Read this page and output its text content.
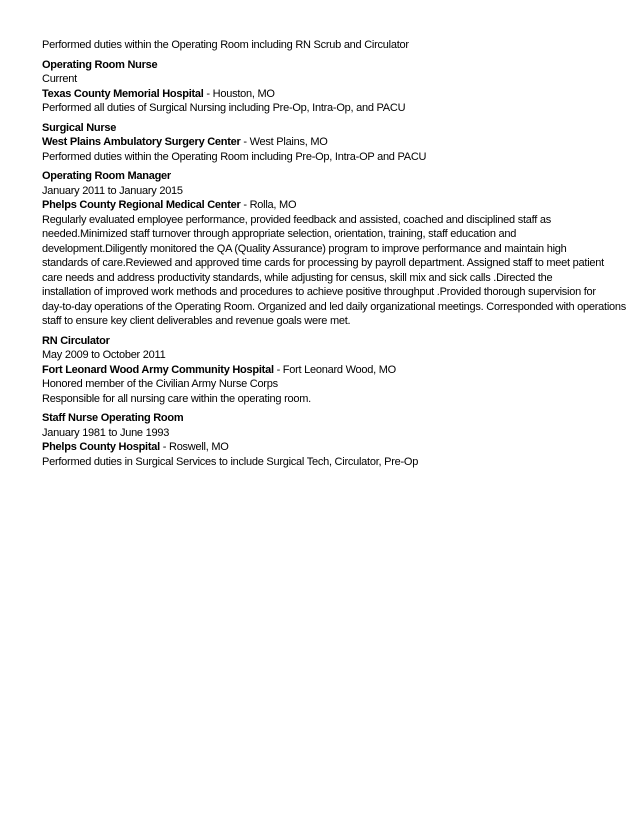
Performed duties within the Operating Room including RN Scrub and Circulator
Operating Room Nurse
Current
Texas County Memorial Hospital - Houston, MO
Performed all duties of Surgical Nursing including Pre-Op, Intra-Op, and PACU
Surgical Nurse
West Plains Ambulatory Surgery Center - West Plains, MO
Performed duties within the Operating Room including Pre-Op, Intra-OP and PACU
Operating Room Manager
January 2011 to January 2015
Phelps County Regional Medical Center - Rolla, MO
Regularly evaluated employee performance, provided feedback and assisted, coached and disciplined staff as
needed.Minimized staff turnover through appropriate selection, orientation, training, staff education and
development.Diligently monitored the QA (Quality Assurance) program to improve performance and maintain high
standards of care.Reviewed and approved time cards for processing by payroll department. Assigned staff to meet patient
care needs and address productivity standards, while adjusting for census, skill mix and sick calls .Directed the
installation of improved work methods and procedures to achieve positive throughput .Provided thorough supervision for
day-to-day operations of the Operating Room. Organized and led daily organizational meetings. Corresponded with operations
staff to ensure key client deliverables and revenue goals were met.
RN Circulator
May 2009 to October 2011
Fort Leonard Wood Army Community Hospital - Fort Leonard Wood, MO
Honored member of the Civilian Army Nurse Corps
Responsible for all nursing care within the operating room.
Staff Nurse Operating Room
January 1981 to June 1993
Phelps County Hospital - Roswell, MO
Performed duties in Surgical Services to include Surgical Tech, Circulator, Pre-Op
